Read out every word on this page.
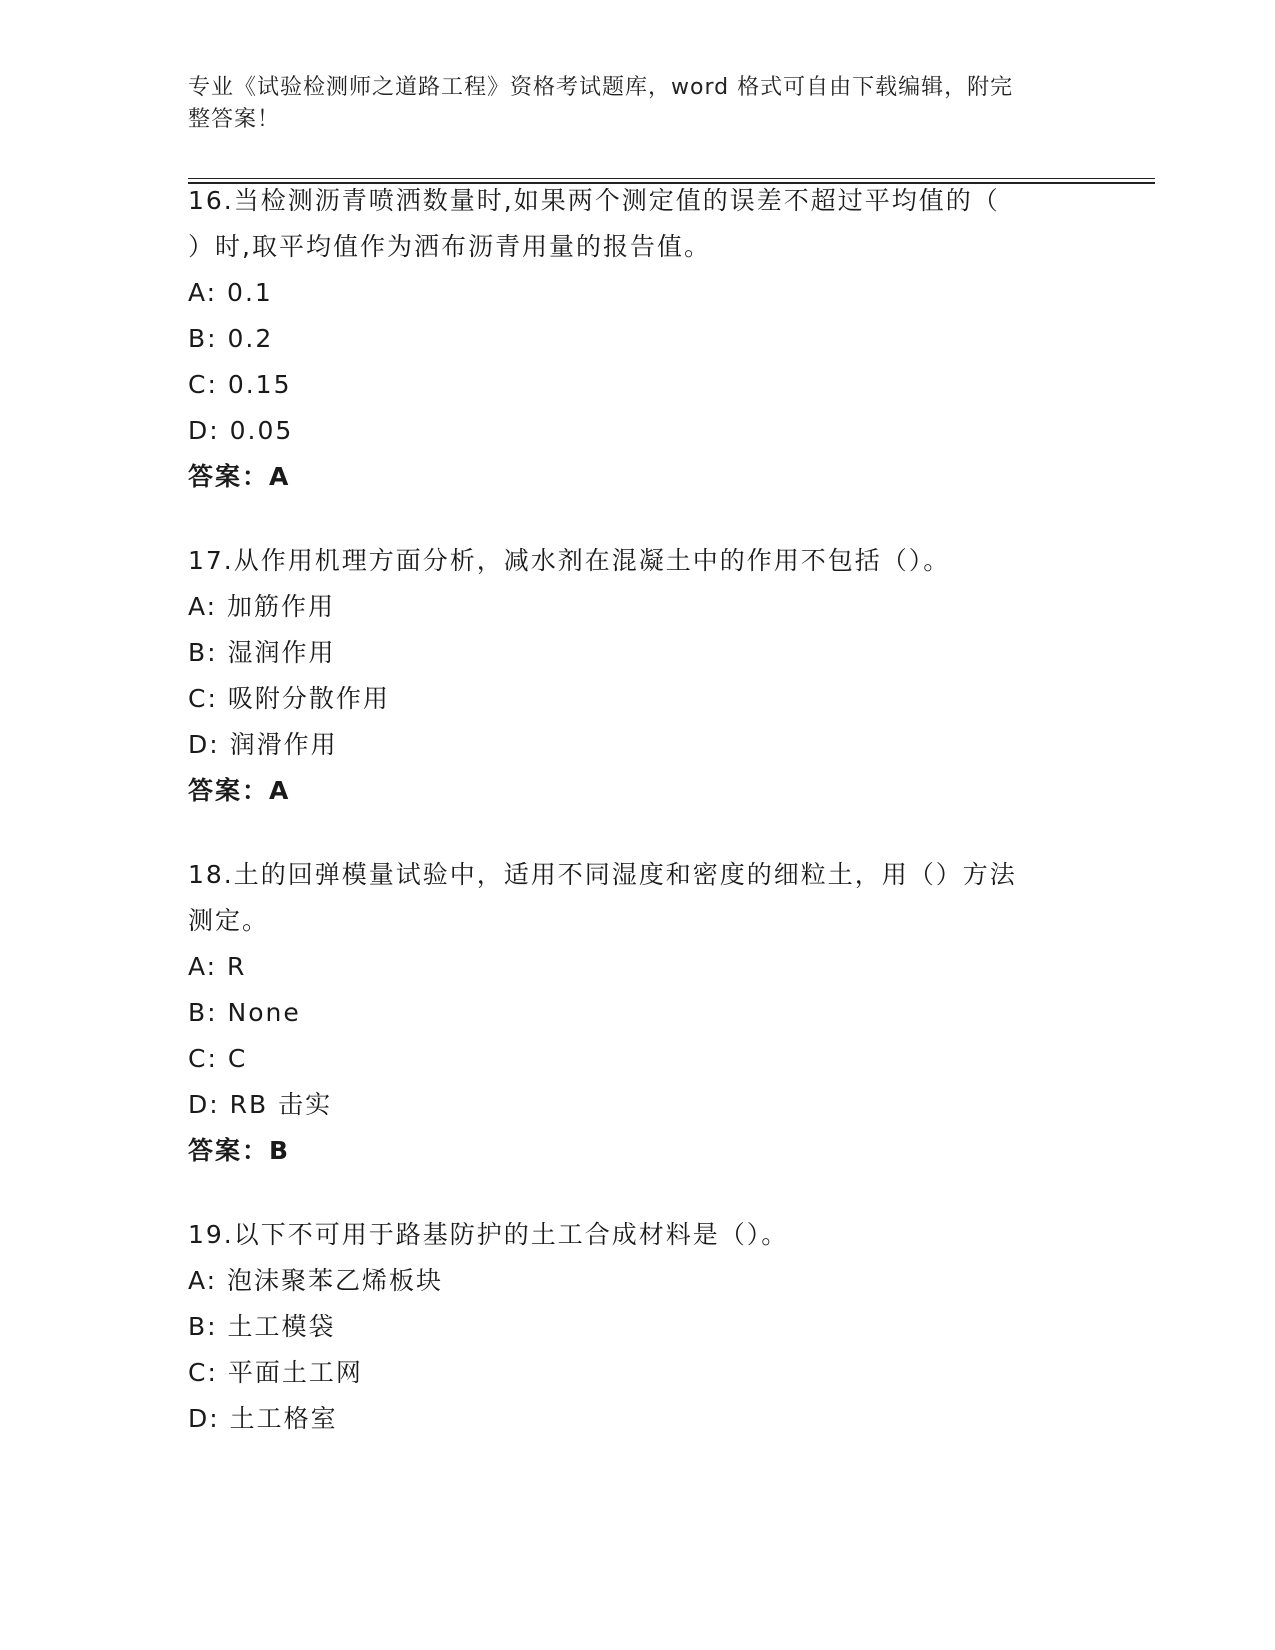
专业《试验检测师之道路工程》资格考试题库，word 格式可自由下载编辑，附完
整答案！

16.当检测沥青喷洒数量时,如果两个测定值的误差不超过平均值的（

）时,取平均值作为洒布沥青用量的报告值。

A: 0.1

B: 0.2

C: 0.15

D: 0.05

答案：A

17.从作用机理方面分析，减水剂在混凝土中的作用不包括（）。

A: 加筋作用

B: 湿润作用

C: 吸附分散作用

D: 润滑作用

答案：A

18.土的回弹模量试验中，适用不同湿度和密度的细粒土，用（）方法

测定。

A: R

B: None

C: C

D: RB 击实

答案：B

19.以下不可用于路基防护的土工合成材料是（）。

A: 泡沫聚苯乙烯板块

B: 土工模袋

C: 平面土工网

D: 土工格室
